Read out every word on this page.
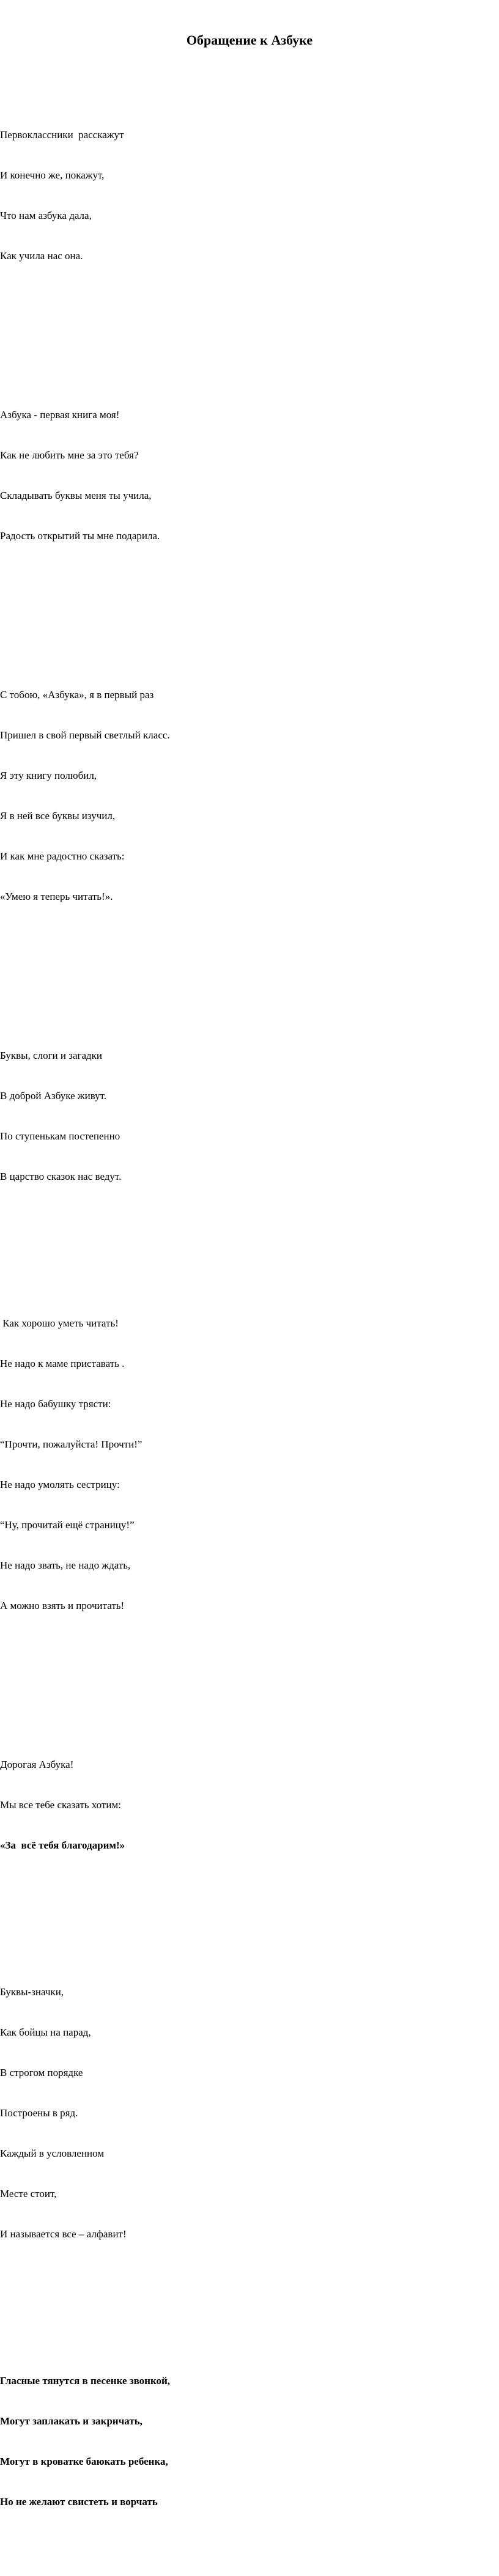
Обращение к Азбуке

Первоклассники  расскажут

И конечно же, покажут,

Что нам азбука дала,

Как учила нас она.

Азбука - первая книга моя!

Как не любить мне за это тебя?

Складывать буквы меня ты учила,

Радость открытий ты мне подарила.

С тобою, «Азбука», я в первый раз

Пришел в свой первый светлый класс.

Я эту книгу полюбил,

Я в ней все буквы изучил,

И как мне радостно сказать:

«Умею я теперь читать!».

Буквы, слоги и загадки

В доброй Азбуке живут.

По ступенькам постепенно

В царство сказок нас ведут.

Как хорошо уметь читать!

Не надо к маме приставать .

Не надо бабушку трясти:

“Прочти, пожалуйста! Прочти!”

Не надо умолять сестрицу:

“Ну, прочитай ещё страницу!”

Не надо звать, не надо ждать,

А можно взять и прочитать!

Дорогая Азбука!

Мы все тебе сказать хотим:

«За  всё тебя благодарим!»

Буквы-значки,

Как бойцы на парад,

В строгом порядке

Построены в ряд.

Каждый в условленном

Месте стоит,

И называется все – алфавит!

Гласные тянутся в песенке звонкой,

Могут заплакать и закричать,

Могут в кроватке баюкать ребенка,

Но не желают свистеть и ворчать
